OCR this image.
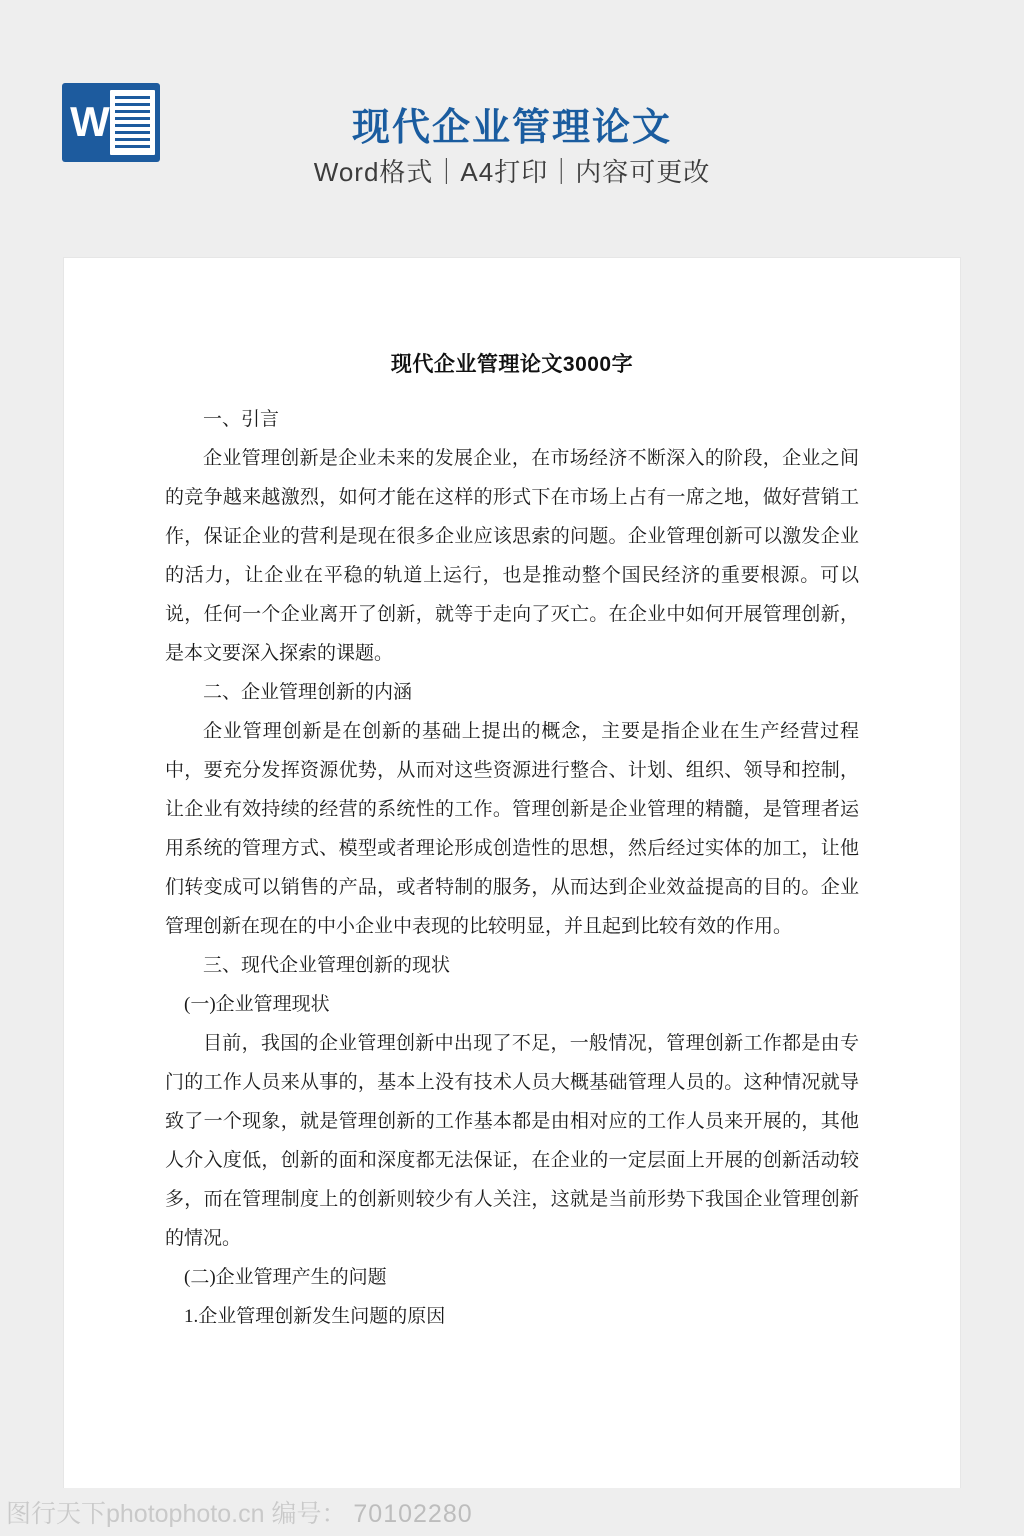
W	现代企业管理论文
Word格式｜A4打印｜内容可更改
现代企业管理论文3000字

一、引言

企业管理创新是企业未来的发展企业，在市场经济不断深入的阶段，企业之间的竞争越来越激烈，如何才能在这样的形式下在市场上占有一席之地，做好营销工作，保证企业的营利是现在很多企业应该思索的问题。企业管理创新可以激发企业的活力，让企业在平稳的轨道上运行，也是推动整个国民经济的重要根源。可以说，任何一个企业离开了创新，就等于走向了灭亡。在企业中如何开展管理创新，是本文要深入探索的课题。

二、企业管理创新的内涵

企业管理创新是在创新的基础上提出的概念，主要是指企业在生产经营过程中，要充分发挥资源优势，从而对这些资源进行整合、计划、组织、领导和控制，让企业有效持续的经营的系统性的工作。管理创新是企业管理的精髓，是管理者运用系统的管理方式、模型或者理论形成创造性的思想，然后经过实体的加工，让他们转变成可以销售的产品，或者特制的服务，从而达到企业效益提高的目的。企业管理创新在现在的中小企业中表现的比较明显，并且起到比较有效的作用。

三、现代企业管理创新的现状

(一)企业管理现状

目前，我国的企业管理创新中出现了不足，一般情况，管理创新工作都是由专门的工作人员来从事的，基本上没有技术人员大概基础管理人员的。这种情况就导致了一个现象，就是管理创新的工作基本都是由相对应的工作人员来开展的，其他人介入度低，创新的面和深度都无法保证，在企业的一定层面上开展的创新活动较多，而在管理制度上的创新则较少有人关注，这就是当前形势下我国企业管理创新的情况。

(二)企业管理产生的问题

1.企业管理创新发生问题的原因

图行天下photophoto.cn 编号： 70102280
